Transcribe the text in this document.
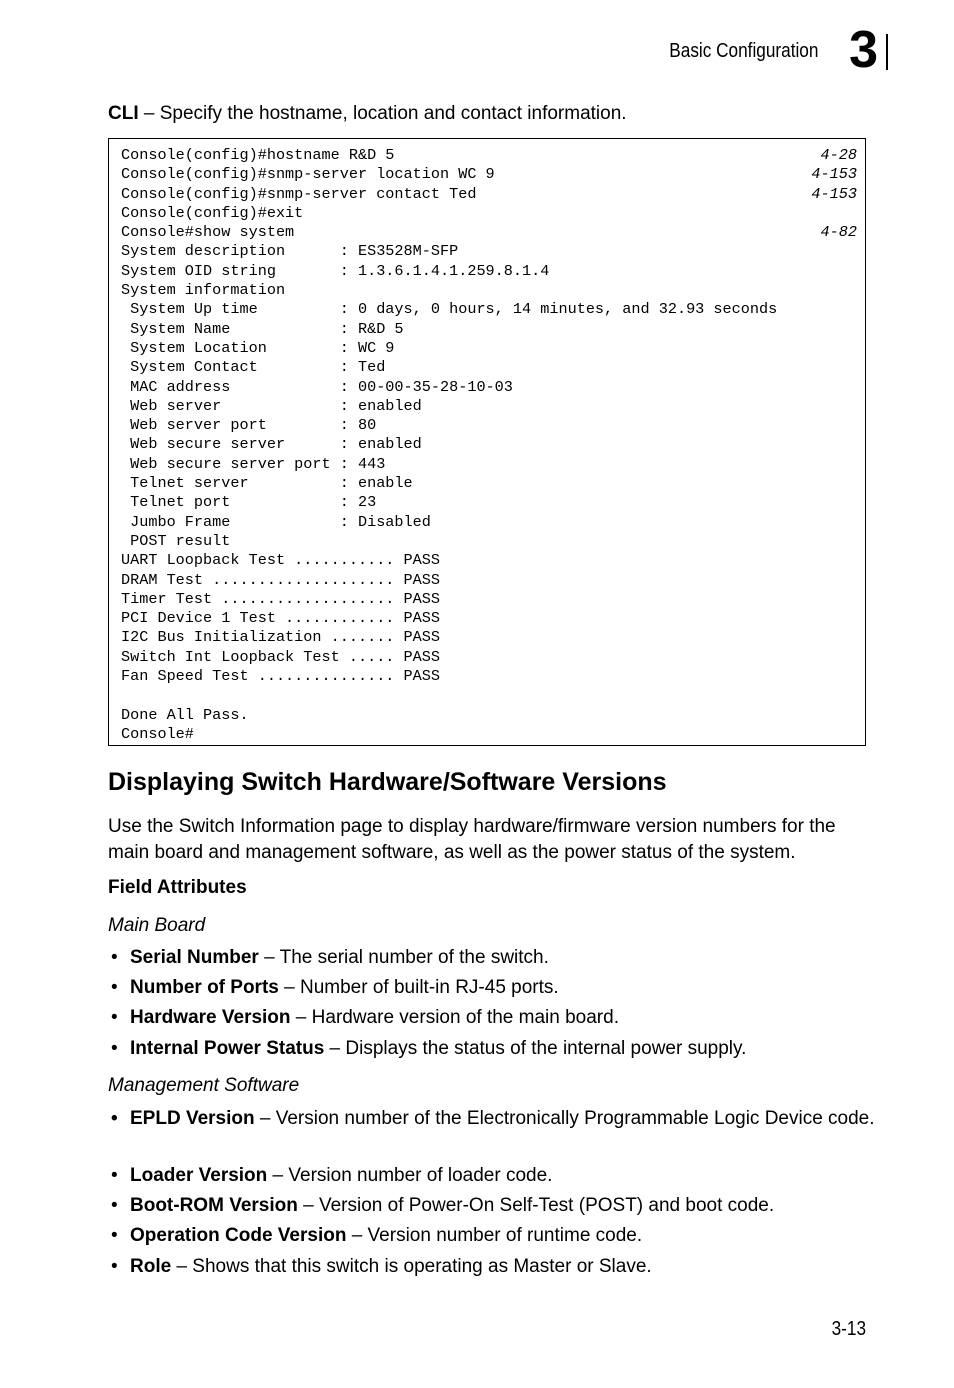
Basic Configuration 3
CLI – Specify the hostname, location and contact information.
Console(config)#hostname R&D 5	4-28
Console(config)#snmp-server location WC 9	4-153
Console(config)#snmp-server contact Ted	4-153
Console(config)#exit
Console#show system	4-82
System description      : ES3528M-SFP
System OID string       : 1.3.6.1.4.1.259.8.1.4
System information
System Up time         : 0 days, 0 hours, 14 minutes, and 32.93 seconds
System Name            : R&D 5
System Location        : WC 9
System Contact         : Ted
MAC address            : 00-00-35-28-10-03
Web server             : enabled
Web server port        : 80
Web secure server      : enabled
Web secure server port : 443
Telnet server          : enable
Telnet port            : 23
Jumbo Frame            : Disabled
POST result
UART Loopback Test ........... PASS
DRAM Test .................... PASS
Timer Test ................... PASS
PCI Device 1 Test ............ PASS
I2C Bus Initialization ....... PASS
Switch Int Loopback Test ..... PASS
Fan Speed Test ............... PASS
Done All Pass.
Console#
Displaying Switch Hardware/Software Versions
Use the Switch Information page to display hardware/firmware version numbers for the main board and management software, as well as the power status of the system.
Field Attributes
Main Board
• Serial Number – The serial number of the switch.
• Number of Ports – Number of built-in RJ-45 ports.
• Hardware Version – Hardware version of the main board.
• Internal Power Status – Displays the status of the internal power supply.
Management Software
• EPLD Version – Version number of the Electronically Programmable Logic Device code.
• Loader Version – Version number of loader code.
• Boot-ROM Version – Version of Power-On Self-Test (POST) and boot code.
• Operation Code Version – Version number of runtime code.
• Role – Shows that this switch is operating as Master or Slave.
3-13
